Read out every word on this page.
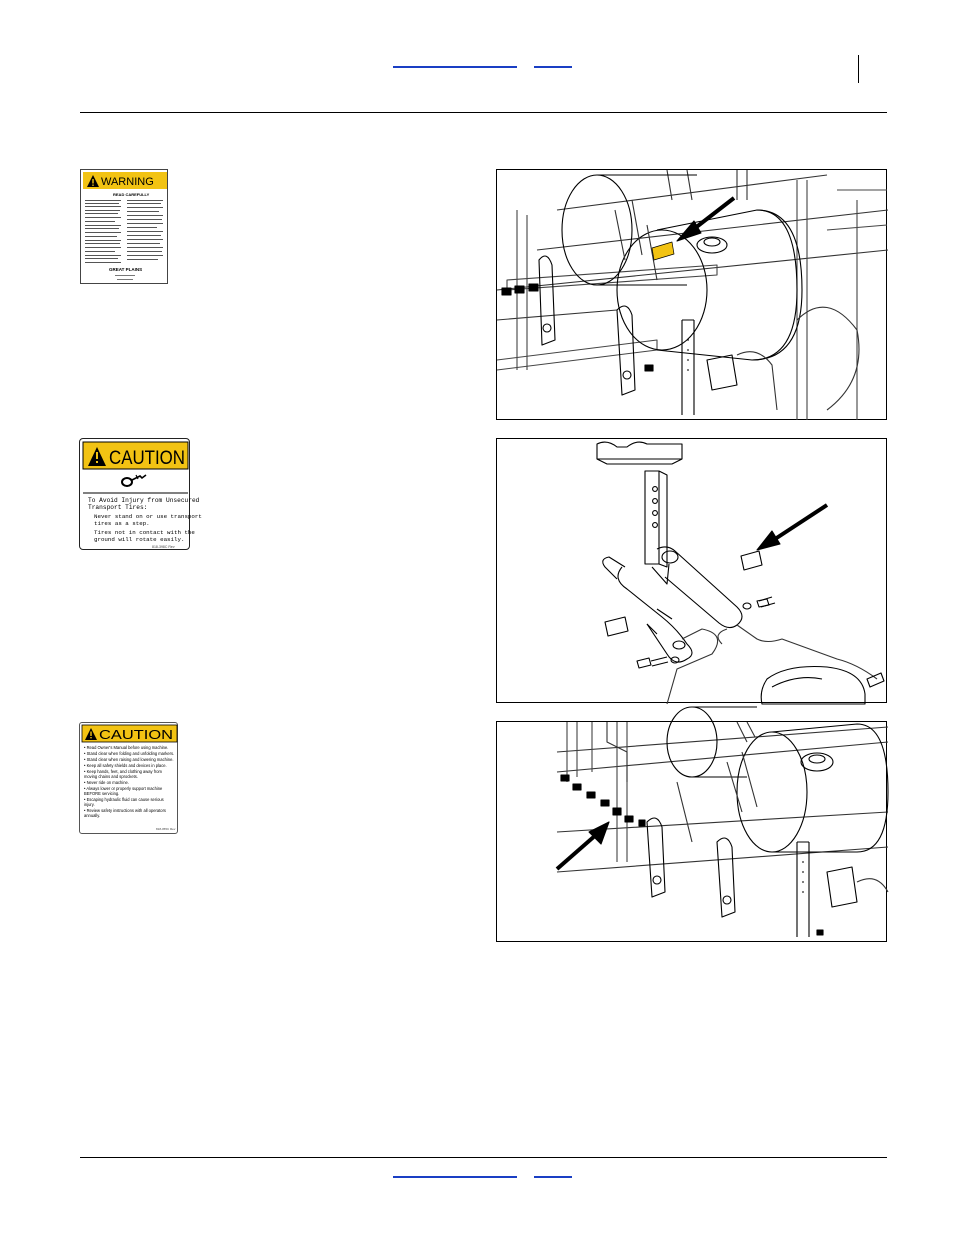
WARNING
READ CAREFULLY
GREAT PLAINS
CAUTION
To Avoid Injury from Unsecured
Transport Tires:
Never stand on or use transport
tires as a step.
Tires not in contact with the
ground will rotate easily.
818-398C Rev
CAUTION
• Read Owner's Manual before using machine.
• Stand clear when folding and unfolding markers.
• Stand clear when raising and lowering machine.
• Keep all safety shields and devices in place.
• Keep hands, feet, and clothing away from
moving chains and sprockets.
• Never ride on machine.
• Always lower or properly support machine
BEFORE servicing.
• Escaping hydraulic fluid can cause serious
injury.
• Review safety instructions with all operators
annually.
818-055C Rev
